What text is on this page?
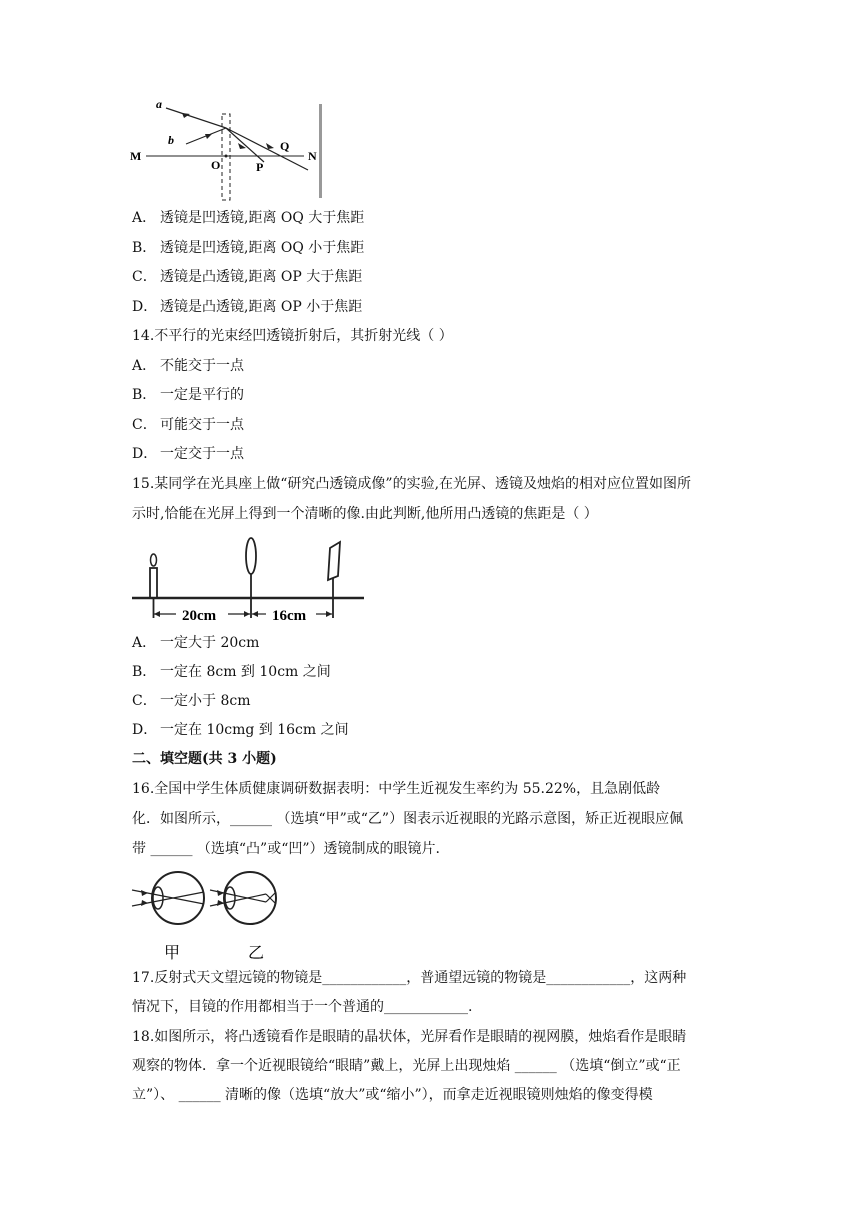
a
b
M
O	P
Q
N
A． 透镜是凹透镜,距离 OQ 大于焦距
B． 透镜是凹透镜,距离 OQ 小于焦距
C． 透镜是凸透镜,距离 OP 大于焦距
D． 透镜是凸透镜,距离 OP 小于焦距
14.不平行的光束经凹透镜折射后，其折射光线（ ）
A． 不能交于一点
B． 一定是平行的
C． 可能交于一点
D． 一定交于一点
15.某同学在光具座上做“研究凸透镜成像”的实验,在光屏、透镜及烛焰的相对应位置如图所
示时,恰能在光屏上得到一个清晰的像.由此判断,他所用凸透镜的焦距是（ ）
20cm	16cm
A． 一定大于 20cm
B． 一定在 8cm 到 10cm 之间
C． 一定小于 8cm
D． 一定在 10cmg 到 16cm 之间
二、填空题(共 3 小题)
16.全国中学生体质健康调研数据表明：中学生近视发生率约为 55.22%，且急剧低龄
化．如图所示，______ （选填“甲”或“乙”）图表示近视眼的光路示意图，矫正近视眼应佩
带 ______ （选填“凸”或“凹”）透镜制成的眼镜片.
甲	乙
17.反射式天文望远镜的物镜是____________，普通望远镜的物镜是____________，这两种
情况下，目镜的作用都相当于一个普通的____________.
18.如图所示，将凸透镜看作是眼睛的晶状体，光屏看作是眼睛的视网膜，烛焰看作是眼睛
观察的物体．拿一个近视眼镜给“眼睛”戴上，光屏上出现烛焰 ______ （选填“倒立”或“正
立”）、 ______ 清晰的像（选填“放大”或“缩小”），而拿走近视眼镜则烛焰的像变得模
